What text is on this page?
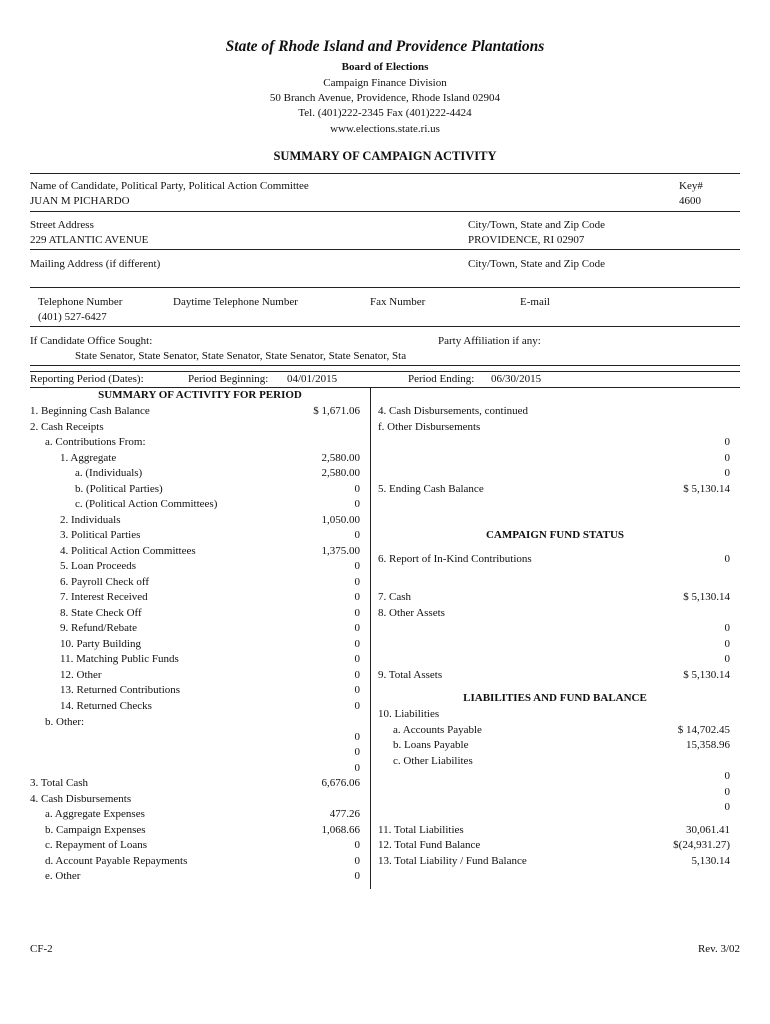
State of Rhode Island and Providence Plantations
Board of Elections
Campaign Finance Division
50 Branch Avenue, Providence, Rhode Island 02904
Tel. (401)222-2345 Fax (401)222-4424
www.elections.state.ri.us
SUMMARY OF CAMPAIGN ACTIVITY
Name of Candidate, Political Party, Political Action Committee
JUAN M PICHARDO
Key#
4600
Street Address
229 ATLANTIC AVENUE
City/Town, State and Zip Code
PROVIDENCE, RI 02907
Mailing Address (if different)	City/Town, State and Zip Code
Telephone Number
(401) 527-6427
Daytime Telephone Number	Fax Number	E-mail
If Candidate Office Sought:	Party Affiliation if any:
State Senator, State Senator, State Senator, State Senator, State Senator, Sta
Reporting Period (Dates):	Period Beginning: 04/01/2015	Period Ending: 06/30/2015
SUMMARY OF ACTIVITY FOR PERIOD
1. Beginning Cash Balance	$ 1,671.06
2. Cash Receipts
a. Contributions From:
1. Aggregate	2,580.00
a. (Individuals)	2,580.00
b. (Political Parties)	0
c. (Political Action Committees)	0
2. Individuals	1,050.00
3. Political Parties	0
4. Political Action Committees	1,375.00
5. Loan Proceeds	0
6. Payroll Check off	0
7. Interest Received	0
8. State Check Off	0
9. Refund/Rebate	0
10. Party Building	0
11. Matching Public Funds	0
12. Other	0
13. Returned Contributions	0
14. Returned Checks	0
b. Other:
0
0
0
3. Total Cash	6,676.06
4. Cash Disbursements
a. Aggregate Expenses	477.26
b. Campaign Expenses	1,068.66
c. Repayment of Loans	0
d. Account Payable Repayments	0
e. Other	0
4. Cash Disbursements, continued
f. Other Disbursements
0
0
0
5. Ending Cash Balance	$ 5,130.14
CAMPAIGN FUND STATUS
6. Report of In-Kind Contributions	0
7. Cash	$ 5,130.14
8. Other Assets
0
0
0
9. Total Assets	$ 5,130.14
LIABILITIES AND FUND BALANCE
10. Liabilities
a. Accounts Payable	$ 14,702.45
b. Loans Payable	15,358.96
c. Other Liabilites
0
0
0
11. Total Liabilities	30,061.41
12. Total Fund Balance	$(24,931.27)
13. Total Liability / Fund Balance	5,130.14
CF-2	Rev. 3/02
